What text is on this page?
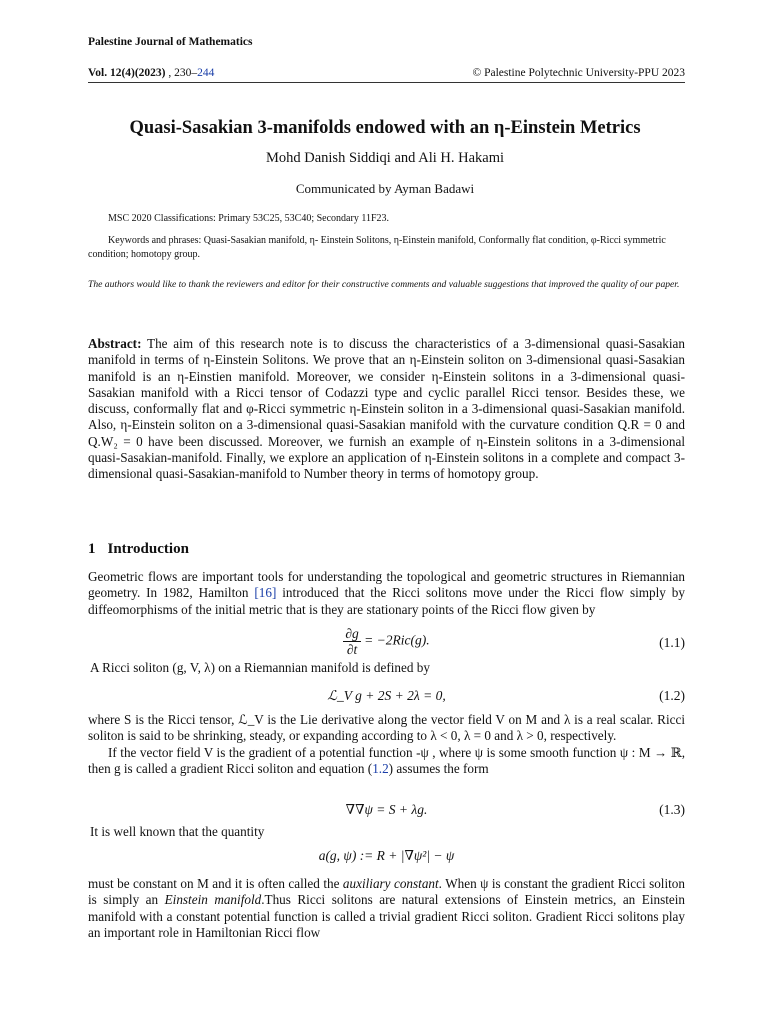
Palestine Journal of Mathematics
Vol. 12(4)(2023) , 230–244	© Palestine Polytechnic University-PPU 2023
Quasi-Sasakian 3-manifolds endowed with an η-Einstein Metrics
Mohd Danish Siddiqi and Ali H. Hakami
Communicated by Ayman Badawi
MSC 2020 Classifications: Primary 53C25, 53C40; Secondary 11F23.
Keywords and phrases: Quasi-Sasakian manifold, η- Einstein Solitons, η-Einstein manifold, Conformally flat condition, φ-Ricci symmetric condition; homotopy group.
The authors would like to thank the reviewers and editor for their constructive comments and valuable suggestions that improved the quality of our paper.
Abstract: The aim of this research note is to discuss the characteristics of a 3-dimensional quasi-Sasakian manifold in terms of η-Einstein Solitons. We prove that an η-Einstein soliton on 3-dimensional quasi-Sasakian manifold is an η-Einstien manifold. Moreover, we consider η-Einstein solitons in a 3-dimensional quasi-Sasakian manifold with a Ricci tensor of Codazzi type and cyclic parallel Ricci tensor. Besides these, we discuss, conformally flat and φ-Ricci symmetric η-Einstein soliton in a 3-dimensional quasi-Sasakian manifold. Also, η-Einstein soliton on a 3-dimensional quasi-Sasakian manifold with the curvature condition Q.R = 0 and Q.W₂ = 0 have been discussed. Moreover, we furnish an example of η-Einstein solitons in a 3-dimensional quasi-Sasakian-manifold. Finally, we explore an application of η-Einstein solitons in a complete and compact 3-dimensional quasi-Sasakian-manifold to Number theory in terms of homotopy group.
1 Introduction
Geometric flows are important tools for understanding the topological and geometric structures in Riemannian geometry. In 1982, Hamilton [16] introduced that the Ricci solitons move under the Ricci flow simply by diffeomorphisms of the initial metric that is they are stationary points of the Ricci flow given by
$\frac{\partial g}{\partial t} = -2Ric(g)$.	(1.1)
A Ricci soliton (g, V, λ) on a Riemannian manifold is defined by
ℒ_V g + 2S + 2λ = 0,	(1.2)
where S is the Ricci tensor, ℒ_V is the Lie derivative along the vector field V on M and λ is a real scalar. Ricci soliton is said to be shrinking, steady, or expanding according to λ < 0, λ = 0 and λ > 0, respectively.
If the vector field V is the gradient of a potential function -ψ , where ψ is some smooth function ψ : M → ℝ, then g is called a gradient Ricci soliton and equation (1.2) assumes the form
∇∇ψ = S + λg.	(1.3)
It is well known that the quantity
a(g, ψ) := R + |∇ψ²| − ψ
must be constant on M and it is often called the auxiliary constant. When ψ is constant the gradient Ricci soliton is simply an Einstein manifold.Thus Ricci solitons are natural extensions of Einstein metrics, an Einstein manifold with a constant potential function is called a trivial gradient Ricci soliton. Gradient Ricci solitons play an important role in Hamiltonian Ricci flow
